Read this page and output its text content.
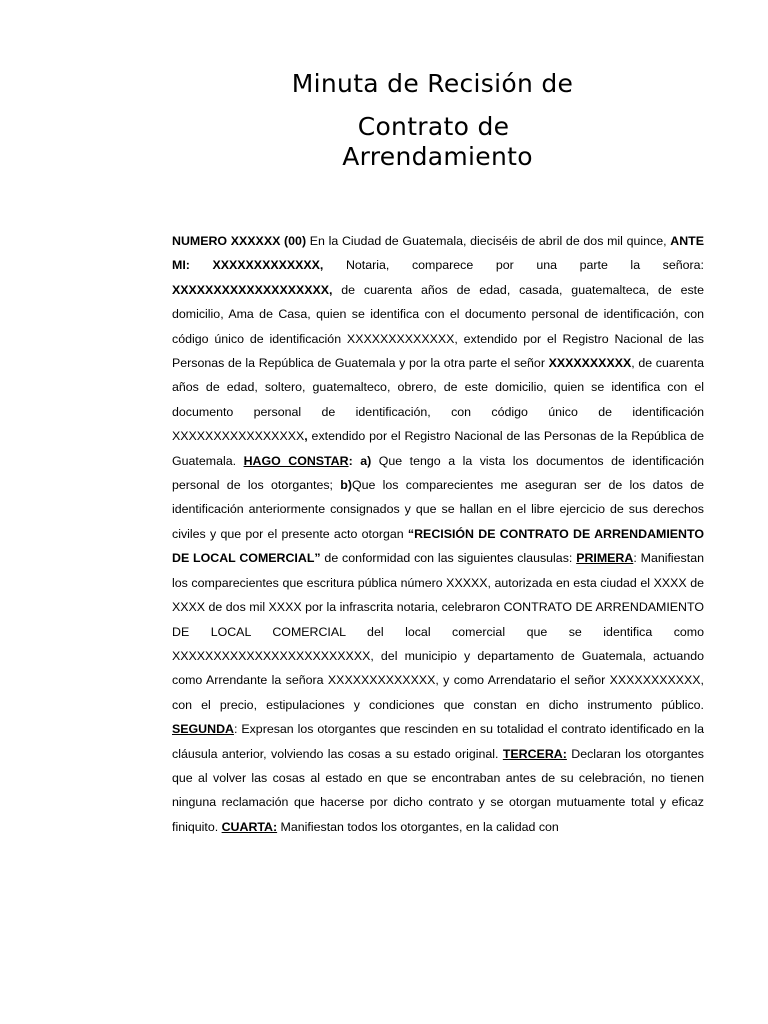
Minuta de Recisión de

Contrato de

Arrendamiento

NUMERO XXXXXX (00) En la Ciudad de Guatemala, dieciséis de abril de dos mil quince, ANTE MI: XXXXXXXXXXXXX, Notaria, comparece por una parte la señora: XXXXXXXXXXXXXXXXXXX, de cuarenta años de edad, casada, guatemalteca, de este domicilio, Ama de Casa, quien se identifica con el documento personal de identificación, con código único de identificación XXXXXXXXXXXXX, extendido por el Registro Nacional de las Personas de la República de Guatemala y por la otra parte el señor XXXXXXXXXX, de cuarenta años de edad, soltero, guatemalteco, obrero, de este domicilio, quien se identifica con el documento personal de identificación, con código único de identificación XXXXXXXXXXXXXXXX, extendido por el Registro Nacional de las Personas de la República de Guatemala. HAGO CONSTAR: a) Que tengo a la vista los documentos de identificación personal de los otorgantes; b)Que los comparecientes me aseguran ser de los datos de identificación anteriormente consignados y que se hallan en el libre ejercicio de sus derechos civiles y que por el presente acto otorgan “RECISIÓN DE CONTRATO DE ARRENDAMIENTO DE LOCAL COMERCIAL” de conformidad con las siguientes clausulas: PRIMERA: Manifiestan los comparecientes que escritura pública número XXXXX, autorizada en esta ciudad el XXXX de XXXX de dos mil XXXX por la infrascrita notaria, celebraron CONTRATO DE ARRENDAMIENTO DE LOCAL COMERCIAL del local comercial que se identifica como XXXXXXXXXXXXXXXXXXXXXXXX, del municipio y departamento de Guatemala, actuando como Arrendante la señora XXXXXXXXXXXXX, y como Arrendatario el señor XXXXXXXXXXX, con el precio, estipulaciones y condiciones que constan en dicho instrumento público. SEGUNDA: Expresan los otorgantes que rescinden en su totalidad el contrato identificado en la cláusula anterior, volviendo las cosas a su estado original. TERCERA: Declaran los otorgantes que al volver las cosas al estado en que se encontraban antes de su celebración, no tienen ninguna reclamación que hacerse por dicho contrato y se otorgan mutuamente total y eficaz finiquito. CUARTA: Manifiestan todos los otorgantes, en la calidad con
